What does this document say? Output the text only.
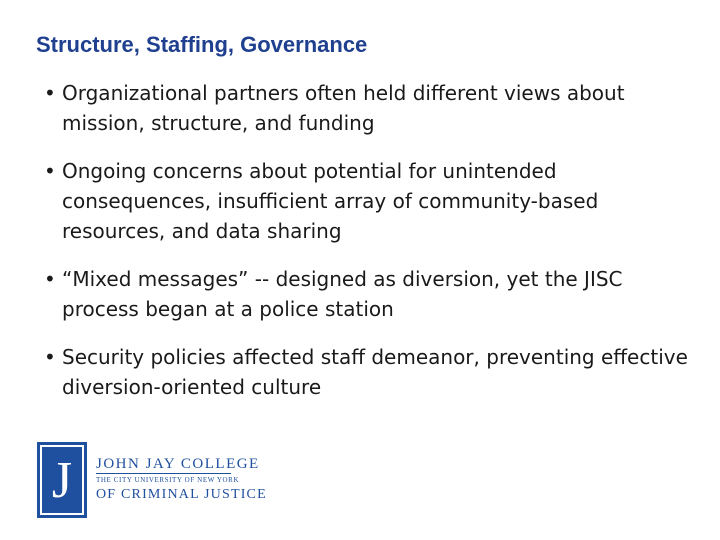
Structure, Staffing, Governance
• Organizational partners often held different views about mission, structure, and funding
• Ongoing concerns about potential for unintended consequences, insufficient array of community-based resources, and data sharing
• “Mixed messages” -- designed as diversion, yet the JISC process began at a police station
• Security policies affected staff demeanor, preventing effective diversion-oriented culture
J	JOHN JAY COLLEGE
THE CITY UNIVERSITY OF NEW YORK
OF CRIMINAL JUSTICE
